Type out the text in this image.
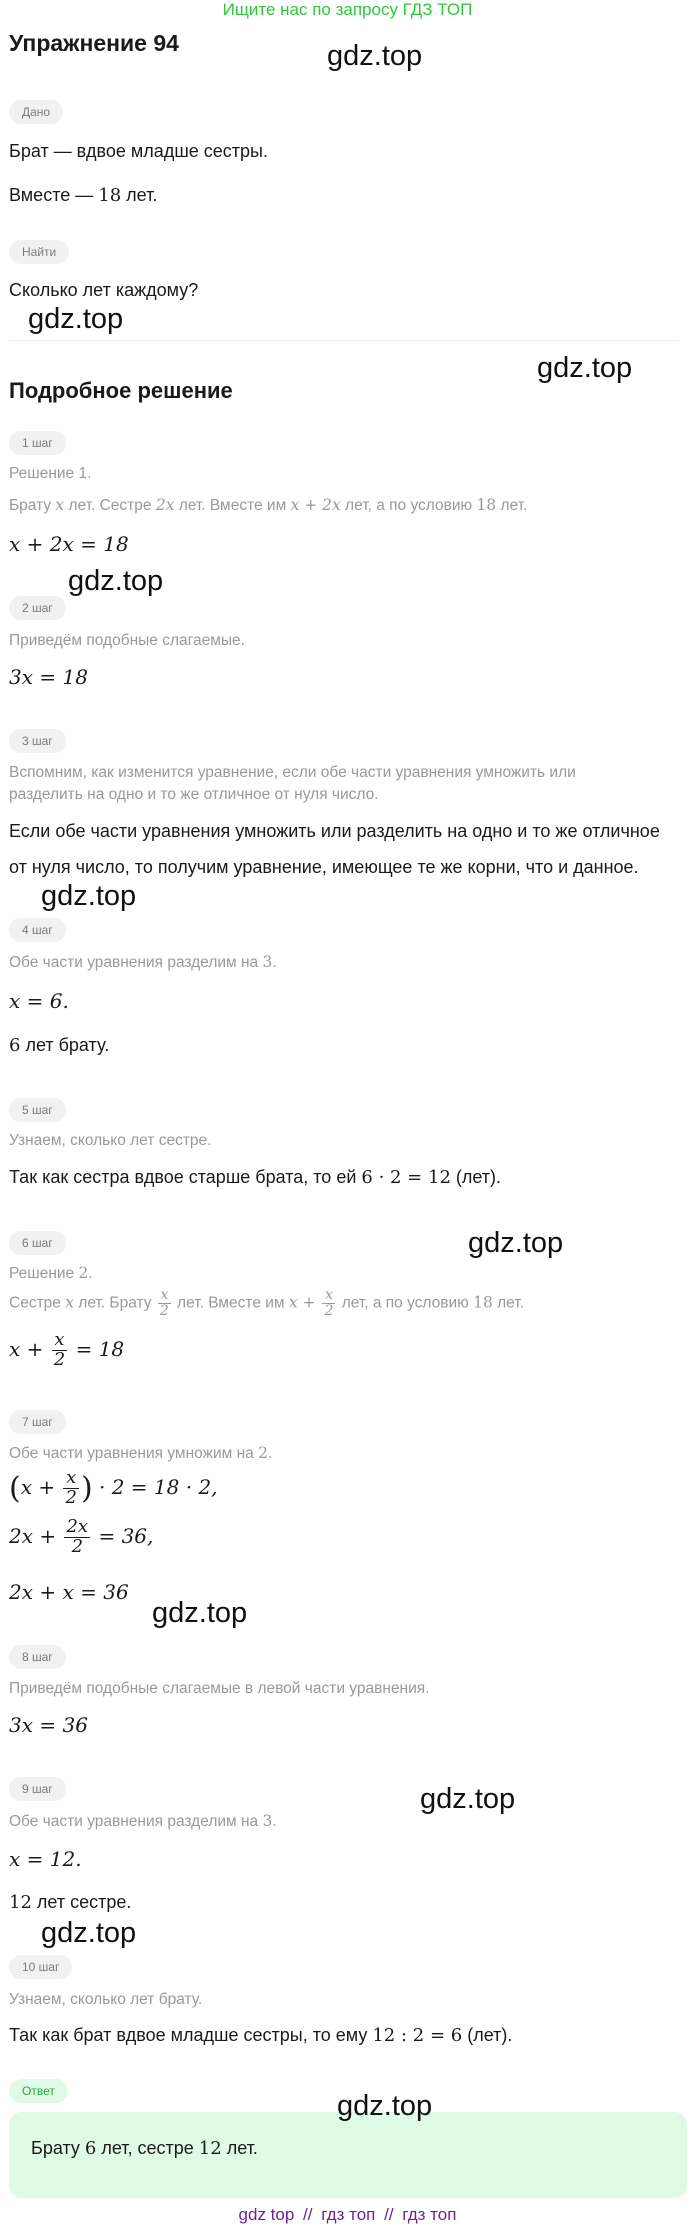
Ищите нас по запросу ГДЗ ТОП
Упражнение 94	gdz.top
gdz.top
gdz.top
gdz.top
gdz.top
gdz.top
gdz.top
gdz.top
gdz.top
gdz.top
Дано
Брат — вдвое младше сестры.
Вместе — 18 лет.
Найти
Сколько лет каждому?
Подробное решение
1 шаг
Решение 1.
Брату x лет. Сестре 2x лет. Вместе им x + 2x лет, а по условию 18 лет.
x + 2x = 18
2 шаг
Приведём подобные слагаемые.
3x = 18
3 шаг
Вспомним, как изменится уравнение, если обе части уравнения умножить или
разделить на одно и то же отличное от нуля число.
Если обе части уравнения умножить или разделить на одно и то же отличное
от нуля число, то получим уравнение, имеющее те же корни, что и данное.
4 шаг
Обе части уравнения разделим на 3.
x = 6.
6 лет брату.
5 шаг
Узнаем, сколько лет сестре.
Так как сестра вдвое старше брата, то ей 6 · 2 = 12 (лет).
6 шаг
Решение 2.
Сестре x лет. Брату $\frac{x}{2}$ лет. Вместе им $x + \frac{x}{2}$ лет, а по условию 18 лет.
$x + \frac{x}{2} = 18$
7 шаг
Обе части уравнения умножим на 2.
($x + \frac{x}{2}$ ) · 2 = 18 · 2,
$2x + \frac{2x}{2} = 36$,
2x + x = 36
8 шаг
Приведём подобные слагаемые в левой части уравнения.
3x = 36
9 шаг
Обе части уравнения разделим на 3.
x = 12.
12 лет сестре.
10 шаг
Узнаем, сколько лет брату.
Так как брат вдвое младше сестры, то ему 12 : 2 = 6 (лет).
Ответ
Брату 6 лет, сестре 12 лет.
gdz top // гдз топ // гдз топ
